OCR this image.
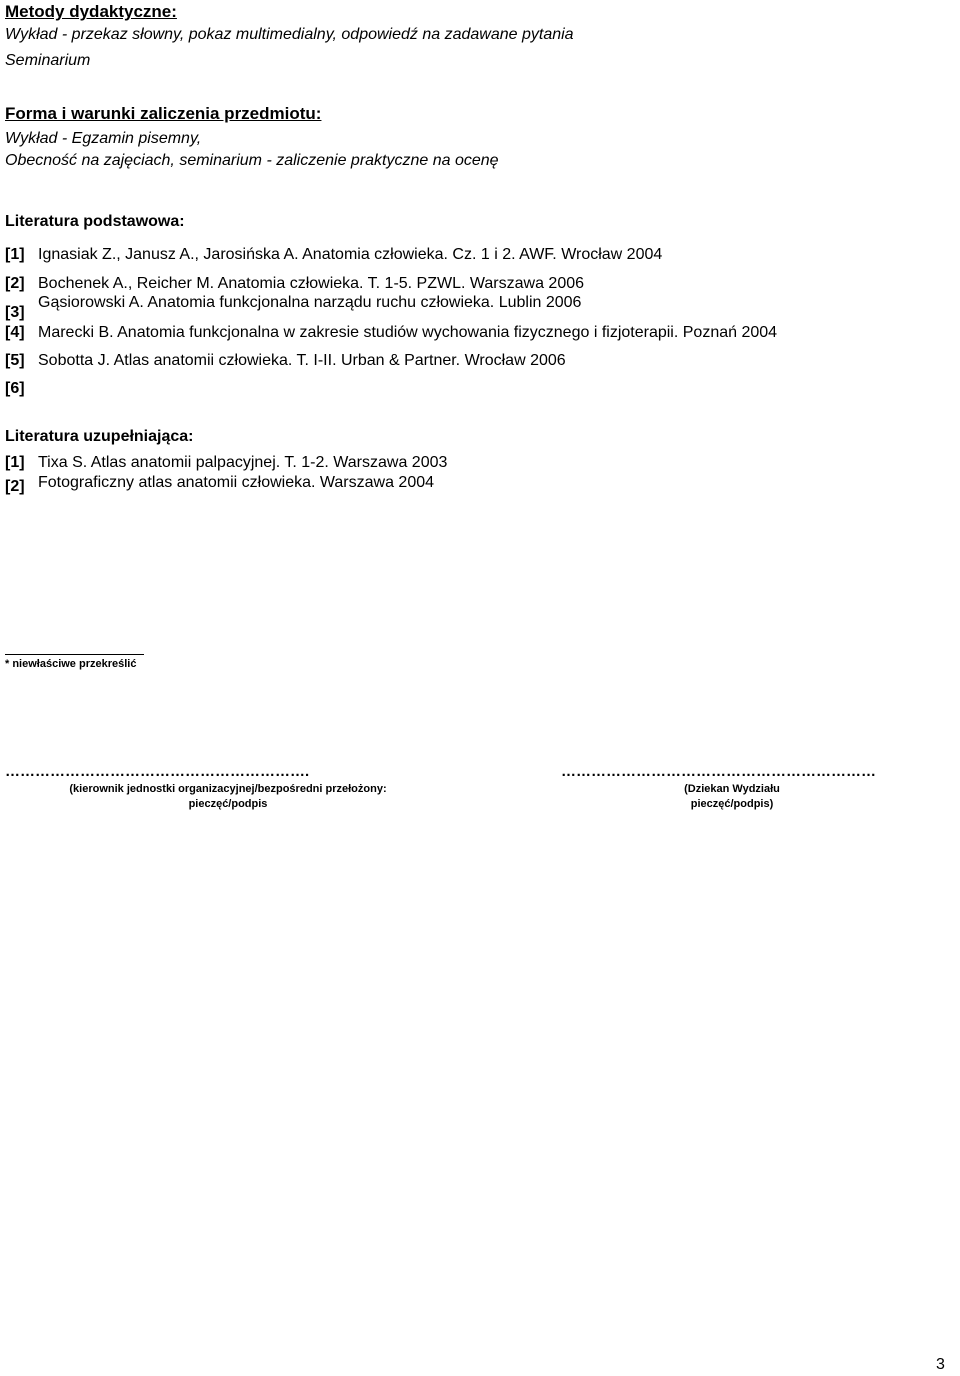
Metody dydaktyczne:
Wykład - przekaz słowny, pokaz multimedialny, odpowiedź na zadawane pytania
Seminarium
Forma i warunki zaliczenia przedmiotu:
Wykład - Egzamin pisemny,
Obecność na zajęciach, seminarium - zaliczenie praktyczne na ocenę
Literatura podstawowa:
[1] Ignasiak Z., Janusz A., Jarosińska A. Anatomia człowieka. Cz. 1 i 2. AWF. Wrocław 2004
[2] Bochenek A., Reicher M. Anatomia człowieka. T. 1-5. PZWL. Warszawa 2006
[3]
Gąsiorowski A. Anatomia funkcjonalna narządu ruchu człowieka. Lublin 2006
[4] Marecki B. Anatomia funkcjonalna w zakresie studiów wychowania fizycznego i fizjoterapii. Poznań 2004
[5] Sobotta J. Atlas anatomii człowieka. T. I-II. Urban & Partner. Wrocław 2006
[6]
Literatura uzupełniająca:
[1] Tixa S. Atlas anatomii palpacyjnej. T. 1-2. Warszawa 2003
[2] Fotograficzny atlas anatomii człowieka. Warszawa 2004
* niewłaściwe przekreślić
…………………………………………………….
(kierownik jednostki organizacyjnej/bezpośredni przełożony:
pieczęć/podpis
………………………………………………………
(Dziekan Wydziału
pieczęć/podpis)
3
